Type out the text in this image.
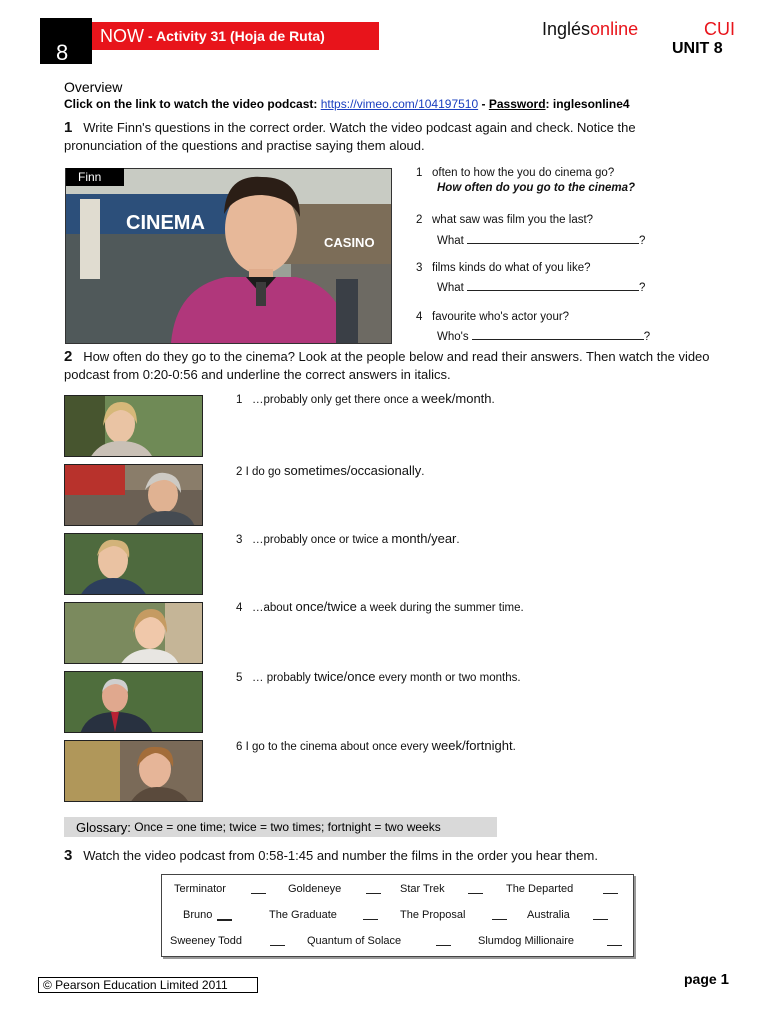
8
NOW - Activity 31 (Hoja de Ruta)	Inglésonline	CUI
UNIT 8
Overview
Click on the link to watch the video podcast: https://vimeo.com/104197510 - Password: inglesonline4
1 Write Finn's questions in the correct order. Watch the video podcast again and check. Notice the pronunciation of the questions and practise saying them aloud.
CINEMA
CASINO
Finn	1 often to how the you do cinema go?
How often do you go to the cinema?
2 what saw was film you the last?
What	?
3 films kinds do what of you like?
What	?
4 favourite who's actor your?
Who's	?
2 How often do they go to the cinema? Look at the people below and read their answers. Then watch the video podcast from 0:20-0:56 and underline the correct answers in italics.
1 …probably only get there once a week/month.
2 I do go sometimes/occasionally.
3 …probably once or twice a month/year.
4 …about once/twice a week during the summer time.
5 … probably twice/once every month or two months.
6 I go to the cinema about once every week/fortnight.
Glossary:
Once = one time; twice = two times; fortnight = two weeks
3 Watch the video podcast from 0:58-1:45 and number the films in the order you hear them.
Terminator	Goldeneye	Star Trek	The Departed
Bruno	The Graduate	The Proposal	Australia
Sweeney Todd	Quantum of Solace	Slumdog Millionaire
© Pearson Education Limited 2011	page 1
